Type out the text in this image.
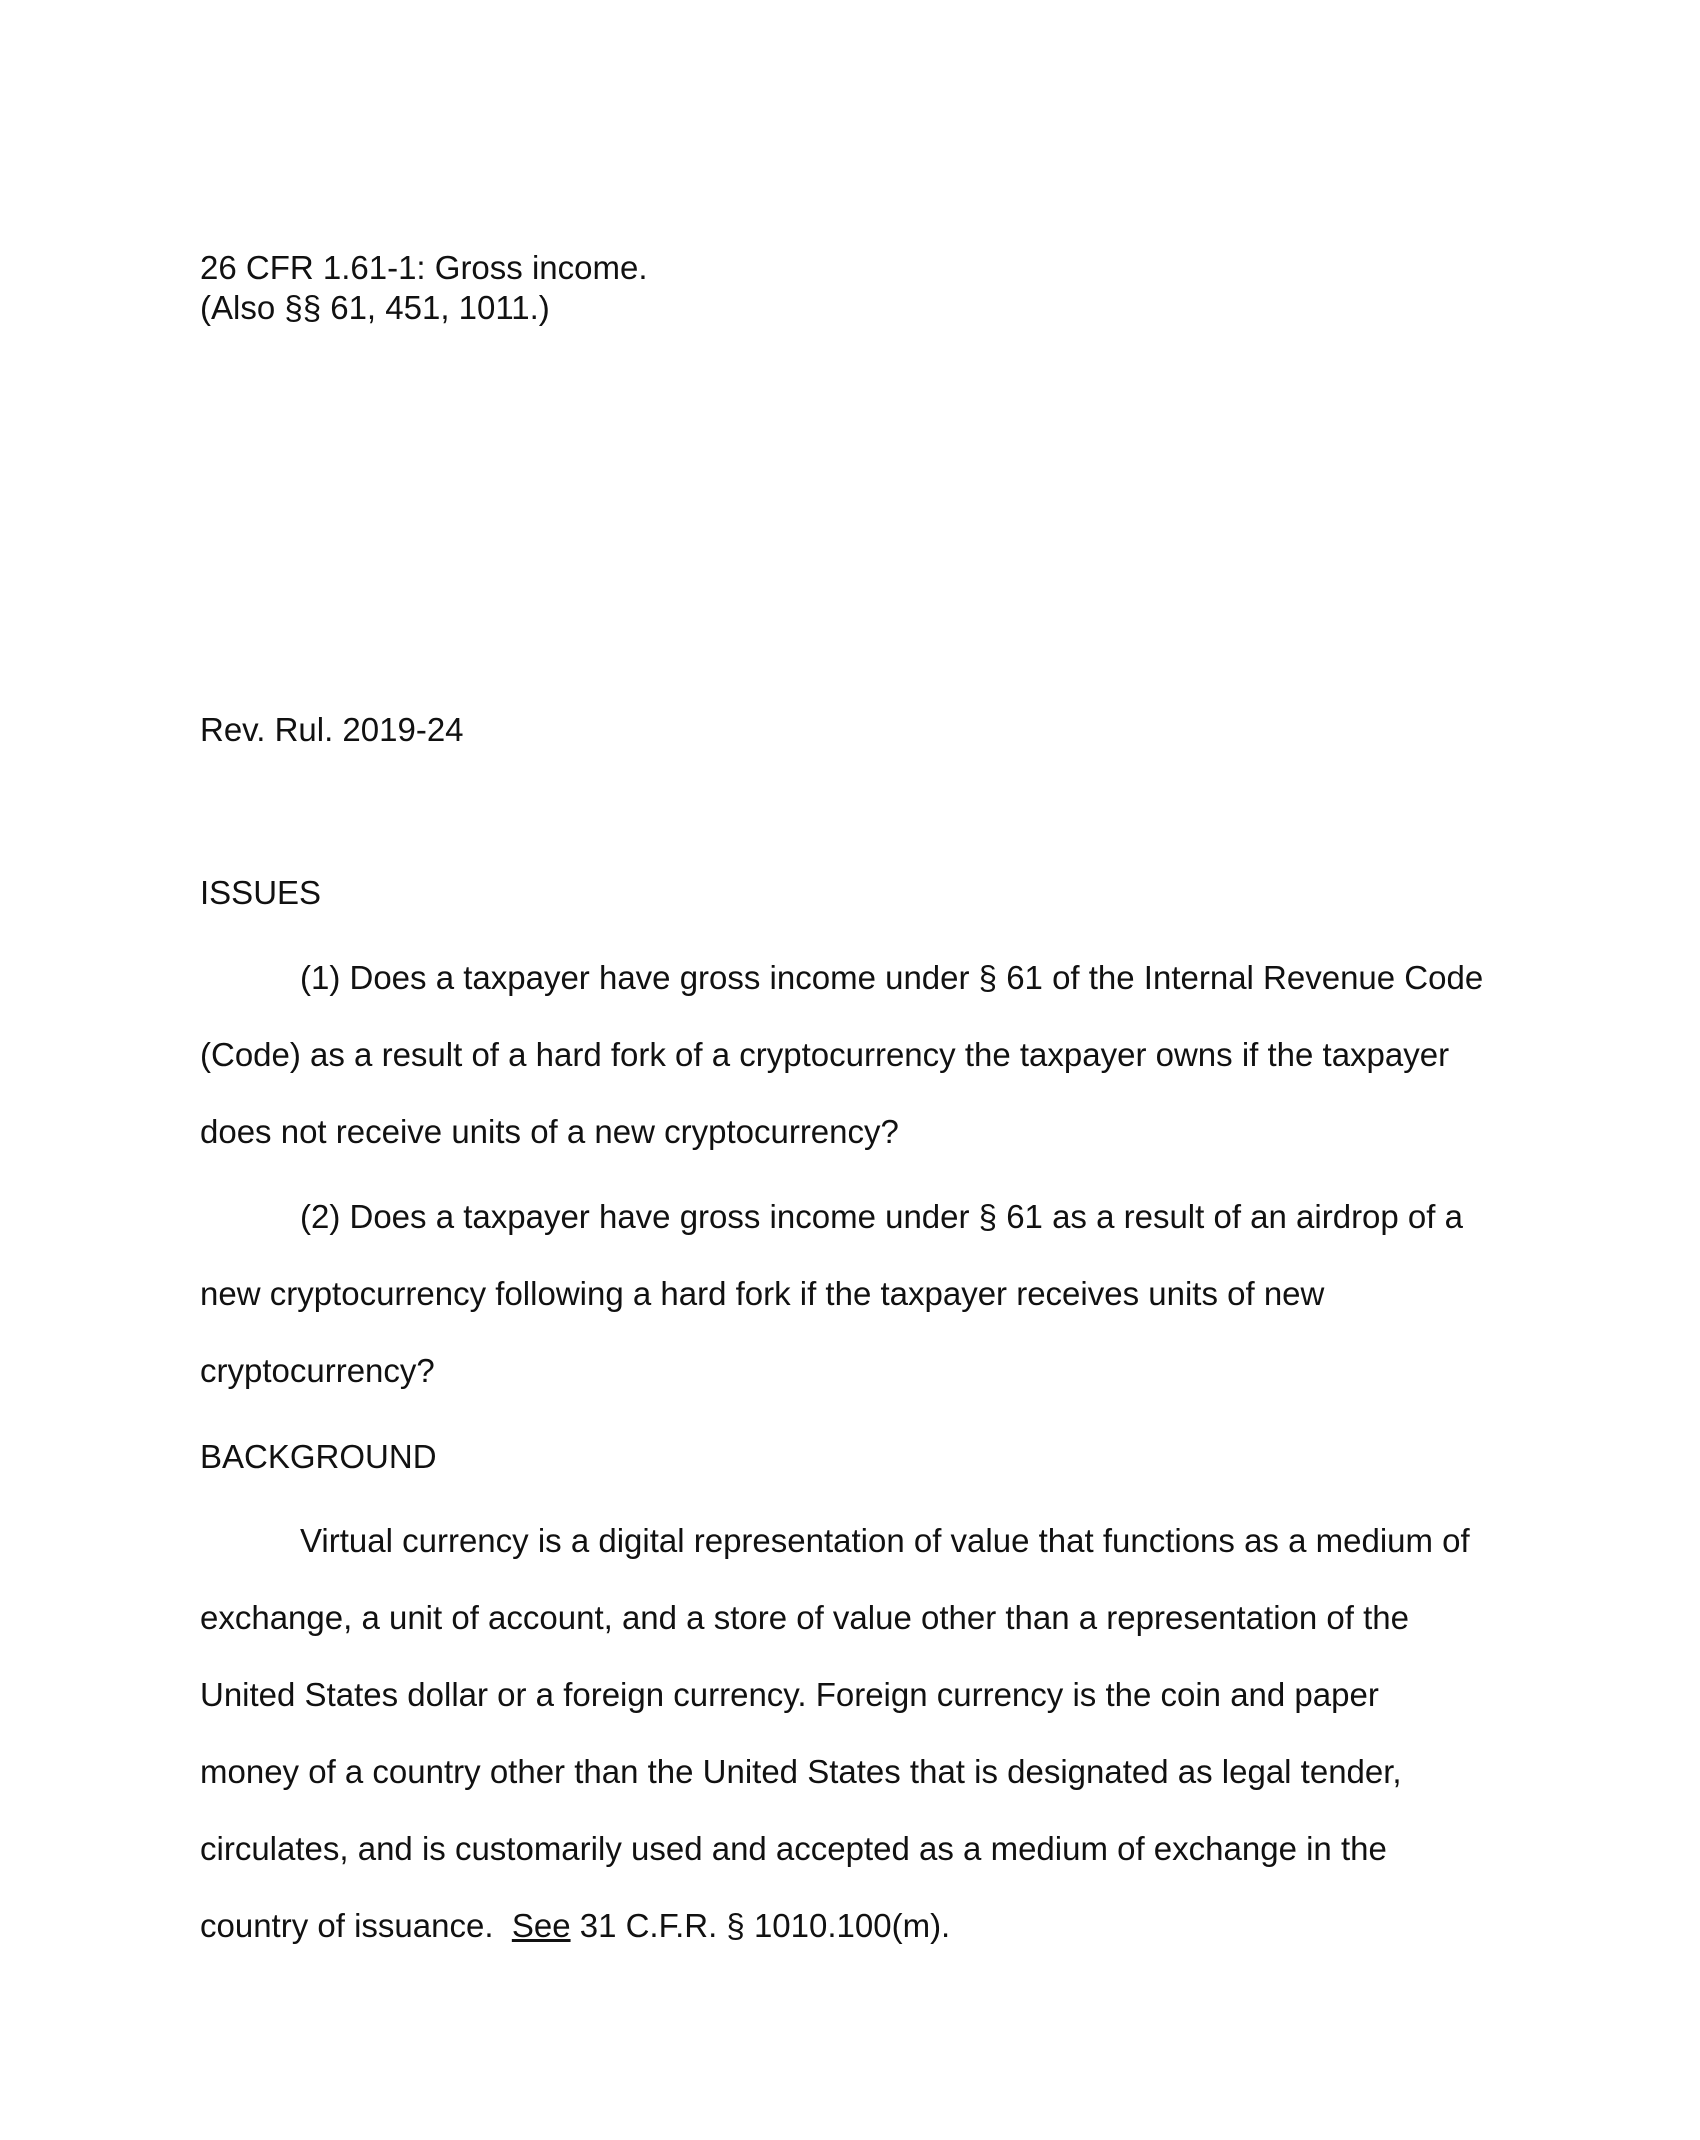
26 CFR 1.61-1: Gross income.
(Also §§ 61, 451, 1011.)
Rev. Rul. 2019-24
ISSUES
(1) Does a taxpayer have gross income under § 61 of the Internal Revenue Code
(Code) as a result of a hard fork of a cryptocurrency the taxpayer owns if the taxpayer
does not receive units of a new cryptocurrency?
(2) Does a taxpayer have gross income under § 61 as a result of an airdrop of a
new cryptocurrency following a hard fork if the taxpayer receives units of new
cryptocurrency?
BACKGROUND
Virtual currency is a digital representation of value that functions as a medium of
exchange, a unit of account, and a store of value other than a representation of the
United States dollar or a foreign currency. Foreign currency is the coin and paper
money of a country other than the United States that is designated as legal tender,
circulates, and is customarily used and accepted as a medium of exchange in the
country of issuance.  See 31 C.F.R. § 1010.100(m).
